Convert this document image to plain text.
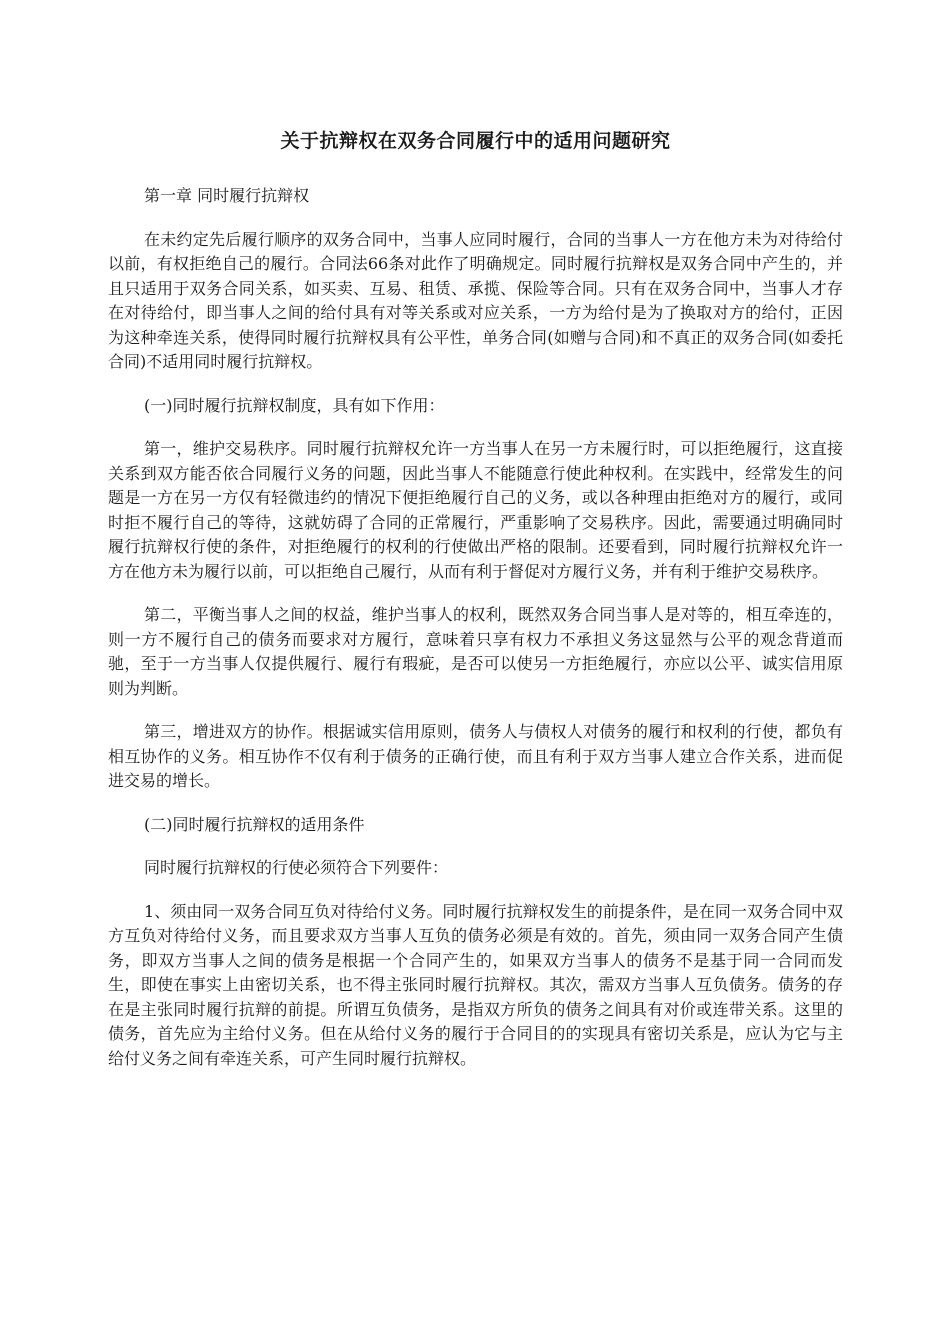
关于抗辩权在双务合同履行中的适用问题研究

第一章 同时履行抗辩权

在未约定先后履行顺序的双务合同中，当事人应同时履行，合同的当事人一方在他方未为对待给付以前，有权拒绝自己的履行。合同法66条对此作了明确规定。同时履行抗辩权是双务合同中产生的，并且只适用于双务合同关系，如买卖、互易、租赁、承揽、保险等合同。只有在双务合同中，当事人才存在对待给付，即当事人之间的给付具有对等关系或对应关系，一方为给付是为了换取对方的给付，正因为这种牵连关系，使得同时履行抗辩权具有公平性，单务合同(如赠与合同)和不真正的双务合同(如委托合同)不适用同时履行抗辩权。

(一)同时履行抗辩权制度，具有如下作用：

第一，维护交易秩序。同时履行抗辩权允许一方当事人在另一方未履行时，可以拒绝履行，这直接关系到双方能否依合同履行义务的问题，因此当事人不能随意行使此种权利。在实践中，经常发生的问题是一方在另一方仅有轻微违约的情况下便拒绝履行自己的义务，或以各种理由拒绝对方的履行，或同时拒不履行自己的等待，这就妨碍了合同的正常履行，严重影响了交易秩序。因此，需要通过明确同时履行抗辩权行使的条件，对拒绝履行的权利的行使做出严格的限制。还要看到，同时履行抗辩权允许一方在他方未为履行以前，可以拒绝自己履行，从而有利于督促对方履行义务，并有利于维护交易秩序。

第二，平衡当事人之间的权益，维护当事人的权利，既然双务合同当事人是对等的，相互牵连的，则一方不履行自己的债务而要求对方履行，意味着只享有权力不承担义务这显然与公平的观念背道而驰，至于一方当事人仅提供履行、履行有瑕疵，是否可以使另一方拒绝履行，亦应以公平、诚实信用原则为判断。

第三，增进双方的协作。根据诚实信用原则，债务人与债权人对债务的履行和权利的行使，都负有相互协作的义务。相互协作不仅有利于债务的正确行使，而且有利于双方当事人建立合作关系，进而促进交易的增长。

(二)同时履行抗辩权的适用条件

同时履行抗辩权的行使必须符合下列要件：

1、须由同一双务合同互负对待给付义务。同时履行抗辩权发生的前提条件，是在同一双务合同中双方互负对待给付义务，而且要求双方当事人互负的债务必须是有效的。首先，须由同一双务合同产生债务，即双方当事人之间的债务是根据一个合同产生的，如果双方当事人的债务不是基于同一合同而发生，即使在事实上由密切关系，也不得主张同时履行抗辩权。其次，需双方当事人互负债务。债务的存在是主张同时履行抗辩的前提。所谓互负债务，是指双方所负的债务之间具有对价或连带关系。这里的债务，首先应为主给付义务。但在从给付义务的履行于合同目的的实现具有密切关系是，应认为它与主给付义务之间有牵连关系，可产生同时履行抗辩权。
